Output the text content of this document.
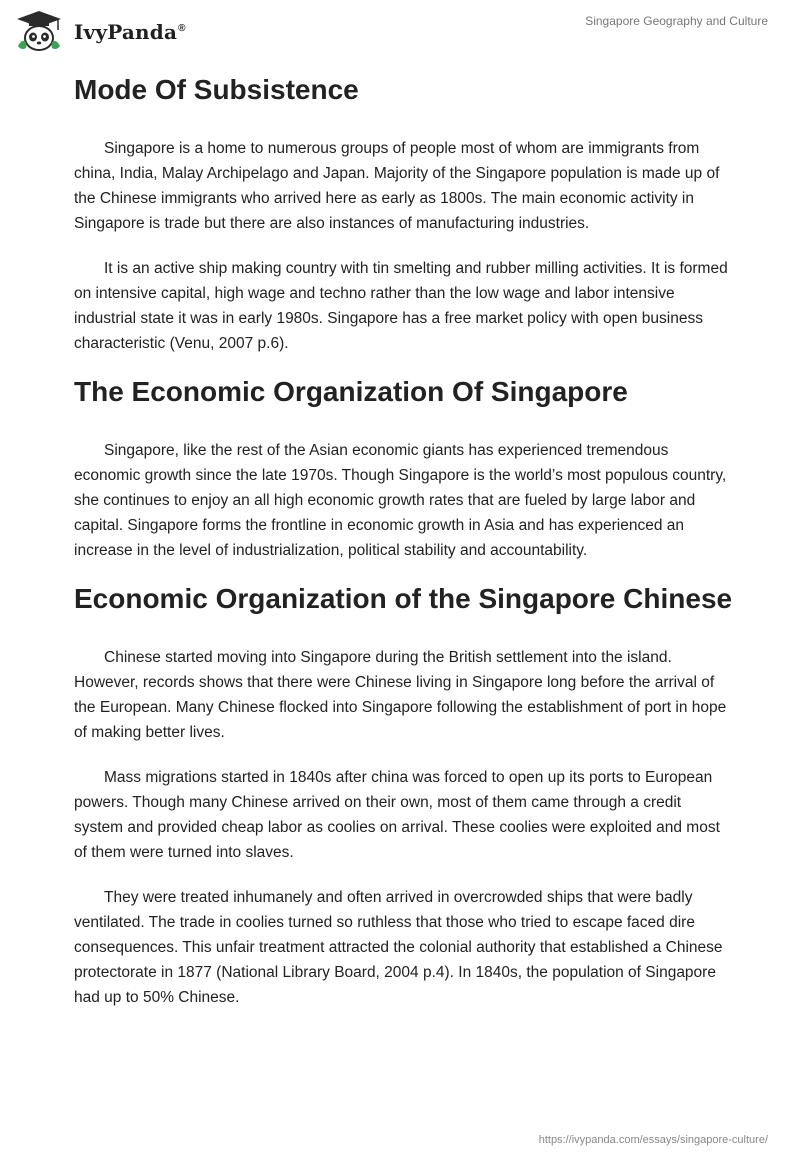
IvyPanda®
Singapore Geography and Culture
Mode Of Subsistence

Singapore is a home to numerous groups of people most of whom are immigrants from china, India, Malay Archipelago and Japan. Majority of the Singapore population is made up of the Chinese immigrants who arrived here as early as 1800s. The main economic activity in Singapore is trade but there are also instances of manufacturing industries.

It is an active ship making country with tin smelting and rubber milling activities. It is formed on intensive capital, high wage and techno rather than the low wage and labor intensive industrial state it was in early 1980s. Singapore has a free market policy with open business characteristic (Venu, 2007 p.6).

The Economic Organization Of Singapore

Singapore, like the rest of the Asian economic giants has experienced tremendous economic growth since the late 1970s. Though Singapore is the world’s most populous country, she continues to enjoy an all high economic growth rates that are fueled by large labor and capital. Singapore forms the frontline in economic growth in Asia and has experienced an increase in the level of industrialization, political stability and accountability.

Economic Organization of the Singapore Chinese

Chinese started moving into Singapore during the British settlement into the island. However, records shows that there were Chinese living in Singapore long before the arrival of the European. Many Chinese flocked into Singapore following the establishment of port in hope of making better lives.

Mass migrations started in 1840s after china was forced to open up its ports to European powers. Though many Chinese arrived on their own, most of them came through a credit system and provided cheap labor as coolies on arrival. These coolies were exploited and most of them were turned into slaves.

They were treated inhumanely and often arrived in overcrowded ships that were badly ventilated. The trade in coolies turned so ruthless that those who tried to escape faced dire consequences. This unfair treatment attracted the colonial authority that established a Chinese protectorate in 1877 (National Library Board, 2004 p.4). In 1840s, the population of Singapore had up to 50% Chinese.

https://ivypanda.com/essays/singapore-culture/
